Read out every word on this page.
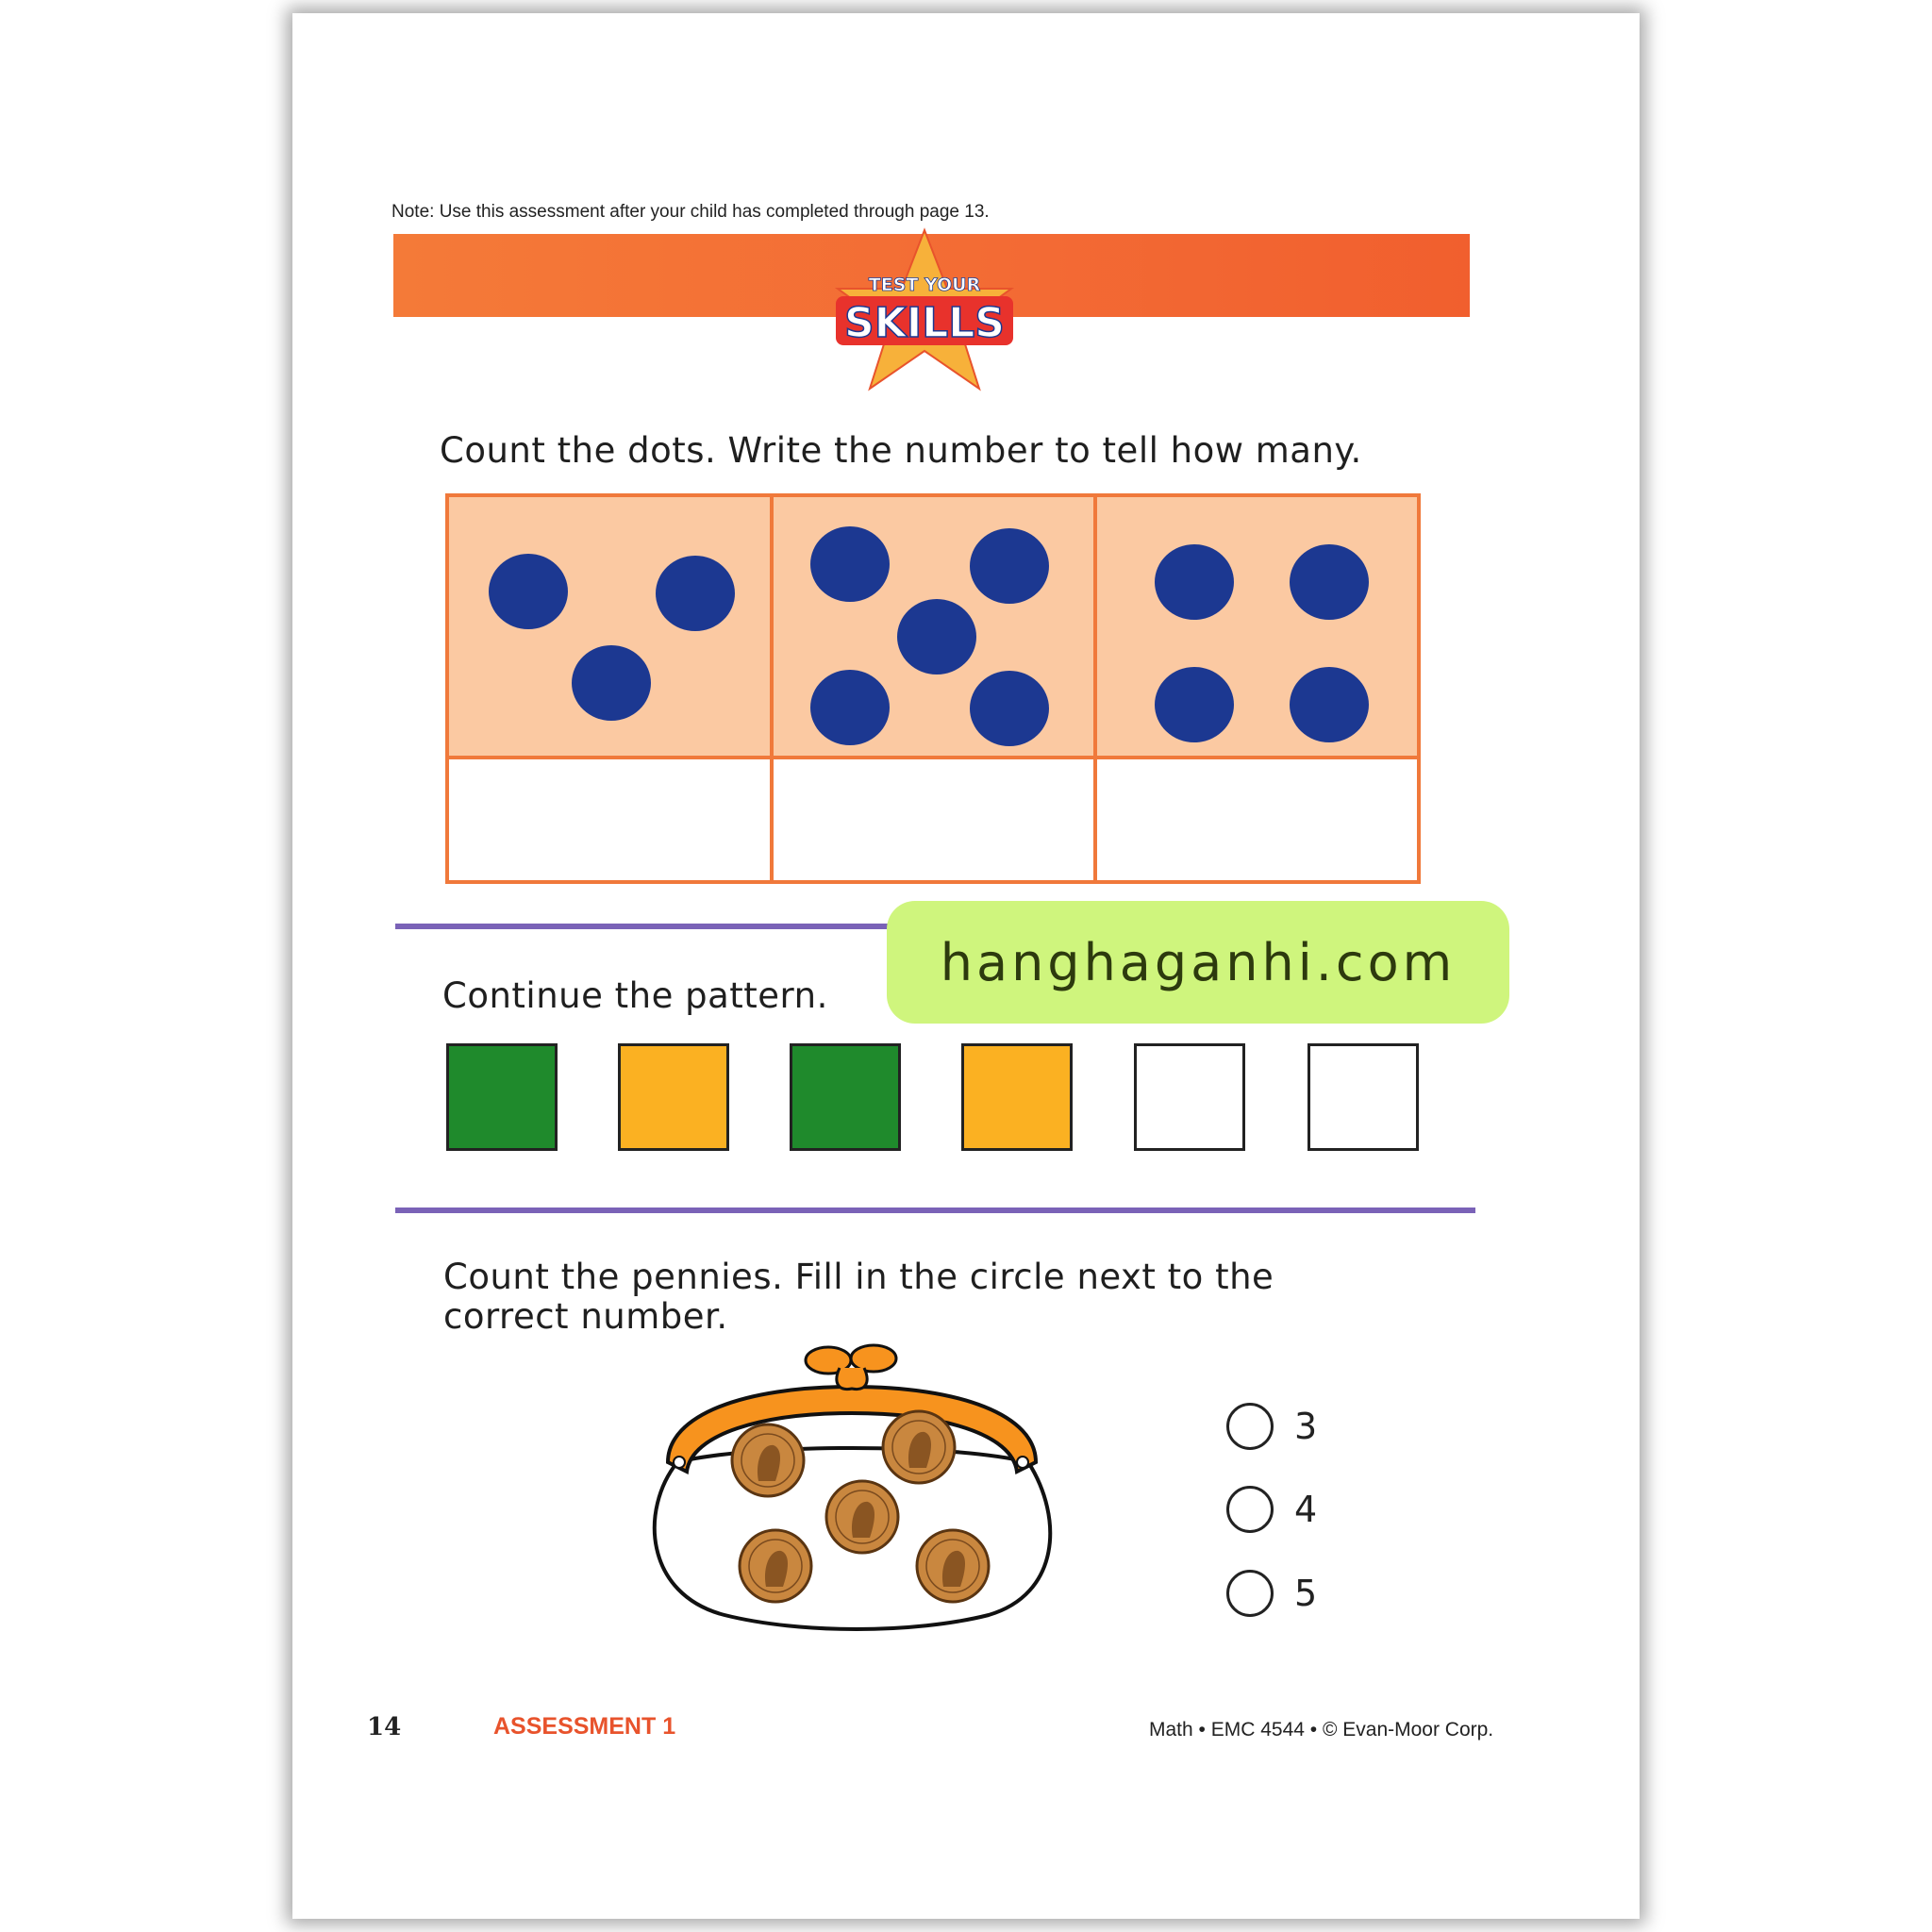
Note: Use this assessment after your child has completed through page 13.
TEST YOUR
SKILLS
Count the dots. Write the number to tell how many.
Continue the pattern.
Count the pennies. Fill in the circle next to the
correct number.
3
4
5
14	ASSESSMENT 1	Math • EMC 4544 • © Evan-Moor Corp.
hanghaganhi.com
